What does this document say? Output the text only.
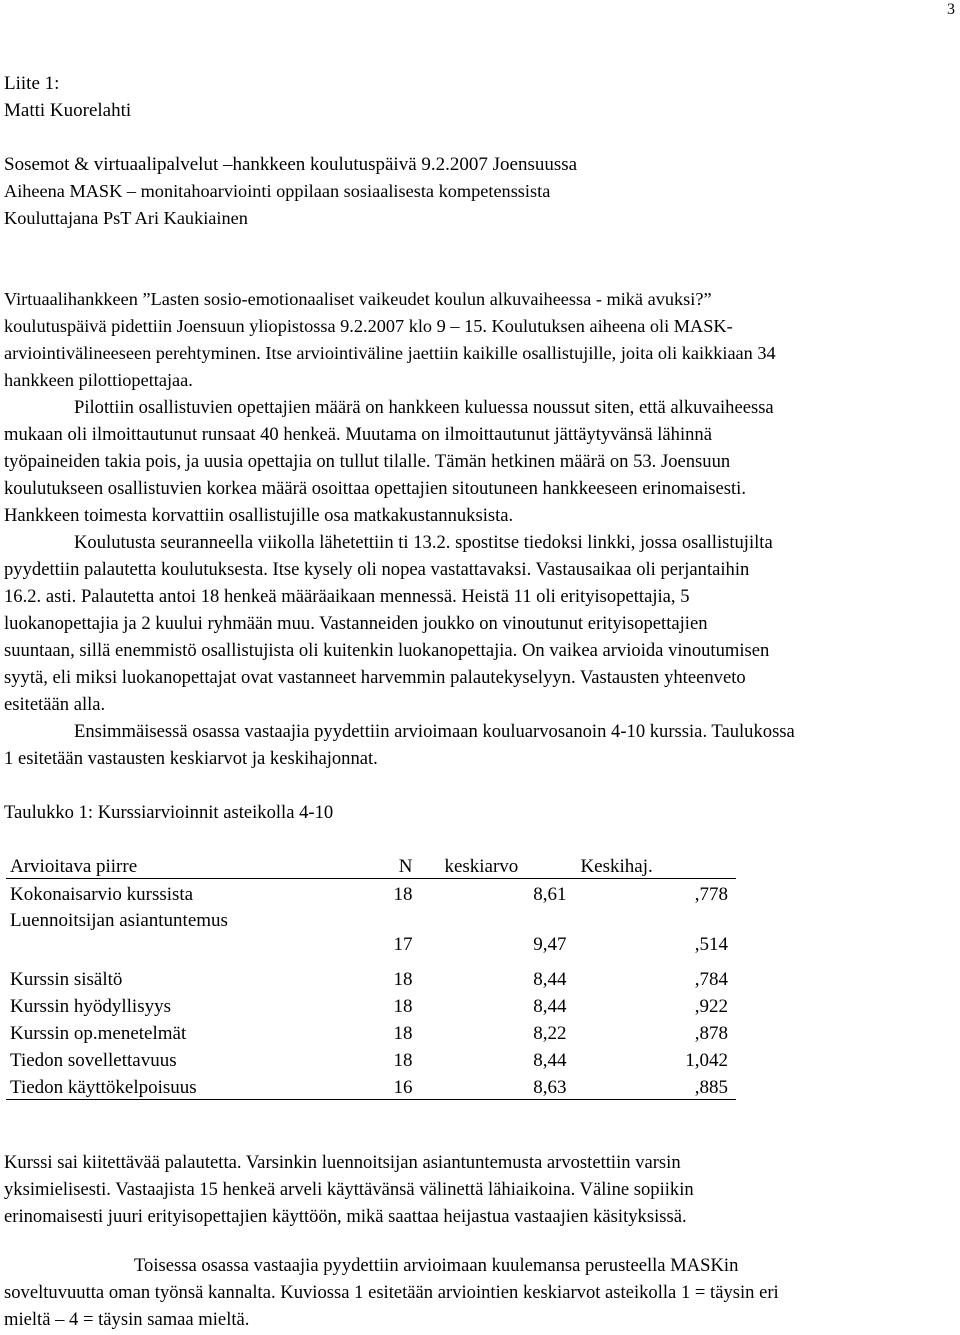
3
Liite 1:
Matti Kuorelahti
Sosemot & virtuaalipalvelut –hankkeen koulutuspäivä 9.2.2007 Joensuussa
Aiheena MASK – monitahoarviointi oppilaan sosiaalisesta kompetenssista
Kouluttajana PsT Ari Kaukiainen
Virtuaalihankkeen ”Lasten sosio-emotionaaliset vaikeudet koulun alkuvaiheessa - mikä avuksi?”
koulutuspäivä pidettiin Joensuun yliopistossa 9.2.2007 klo 9 – 15. Koulutuksen aiheena oli MASK-
arviointivälineeseen perehtyminen. Itse arviointiväline jaettiin kaikille osallistujille, joita oli kaikkiaan 34
hankkeen pilottiopettajaa.
Pilottiin osallistuvien opettajien määrä on hankkeen kuluessa noussut siten, että alkuvaiheessa
mukaan oli ilmoittautunut runsaat 40 henkeä. Muutama on ilmoittautunut jättäytyvänsä lähinnä
työpaineiden takia pois, ja uusia opettajia on tullut tilalle. Tämän hetkinen määrä on 53. Joensuun
koulutukseen osallistuvien korkea määrä osoittaa opettajien sitoutuneen hankkeeseen erinomaisesti.
Hankkeen toimesta korvattiin osallistujille osa matkakustannuksista.
Koulutusta seuranneella viikolla lähetettiin ti 13.2. spostitse tiedoksi linkki, jossa osallistujilta
pyydettiin palautetta koulutuksesta. Itse kysely oli nopea vastattavaksi. Vastausaikaa oli perjantaihin
16.2. asti. Palautetta antoi 18 henkeä määräaikaan mennessä. Heistä 11 oli erityisopettajia, 5
luokanopettajia ja 2 kuului ryhmään muu. Vastanneiden joukko on vinoutunut erityisopettajien
suuntaan, sillä enemmistö osallistujista oli kuitenkin luokanopettajia. On vaikea arvioida vinoutumisen
syytä, eli miksi luokanopettajat ovat vastanneet harvemmin palautekyselyyn. Vastausten yhteenveto
esitetään alla.
Ensimmäisessä osassa vastaajia pyydettiin arvioimaan kouluarvosanoin 4-10 kurssia. Taulukossa
1 esitetään vastausten keskiarvot ja keskihajonnat.
Taulukko 1: Kurssiarvioinnit asteikolla 4-10
Arvioitava piirre	N	keskiarvo	Keskihaj.
Kokonaisarvio kurssista	18	8,61	,778
Luennoitsijan asiantuntemus	17	9,47	,514
Kurssin sisältö	18	8,44	,784
Kurssin hyödyllisyys	18	8,44	,922
Kurssin op.menetelmät	18	8,22	,878
Tiedon sovellettavuus	18	8,44	1,042
Tiedon käyttökelpoisuus	16	8,63	,885
Kurssi sai kiitettävää palautetta. Varsinkin luennoitsijan asiantuntemusta arvostettiin varsin
yksimielisesti. Vastaajista 15 henkeä arveli käyttävänsä välinettä lähiaikoina. Väline sopiikin
erinomaisesti juuri erityisopettajien käyttöön, mikä saattaa heijastua vastaajien käsityksissä.
Toisessa osassa vastaajia pyydettiin arvioimaan kuulemansa perusteella MASKin
soveltuvuutta oman työnsä kannalta. Kuviossa 1 esitetään arviointien keskiarvot asteikolla 1 = täysin eri
mieltä – 4 = täysin samaa mieltä.
